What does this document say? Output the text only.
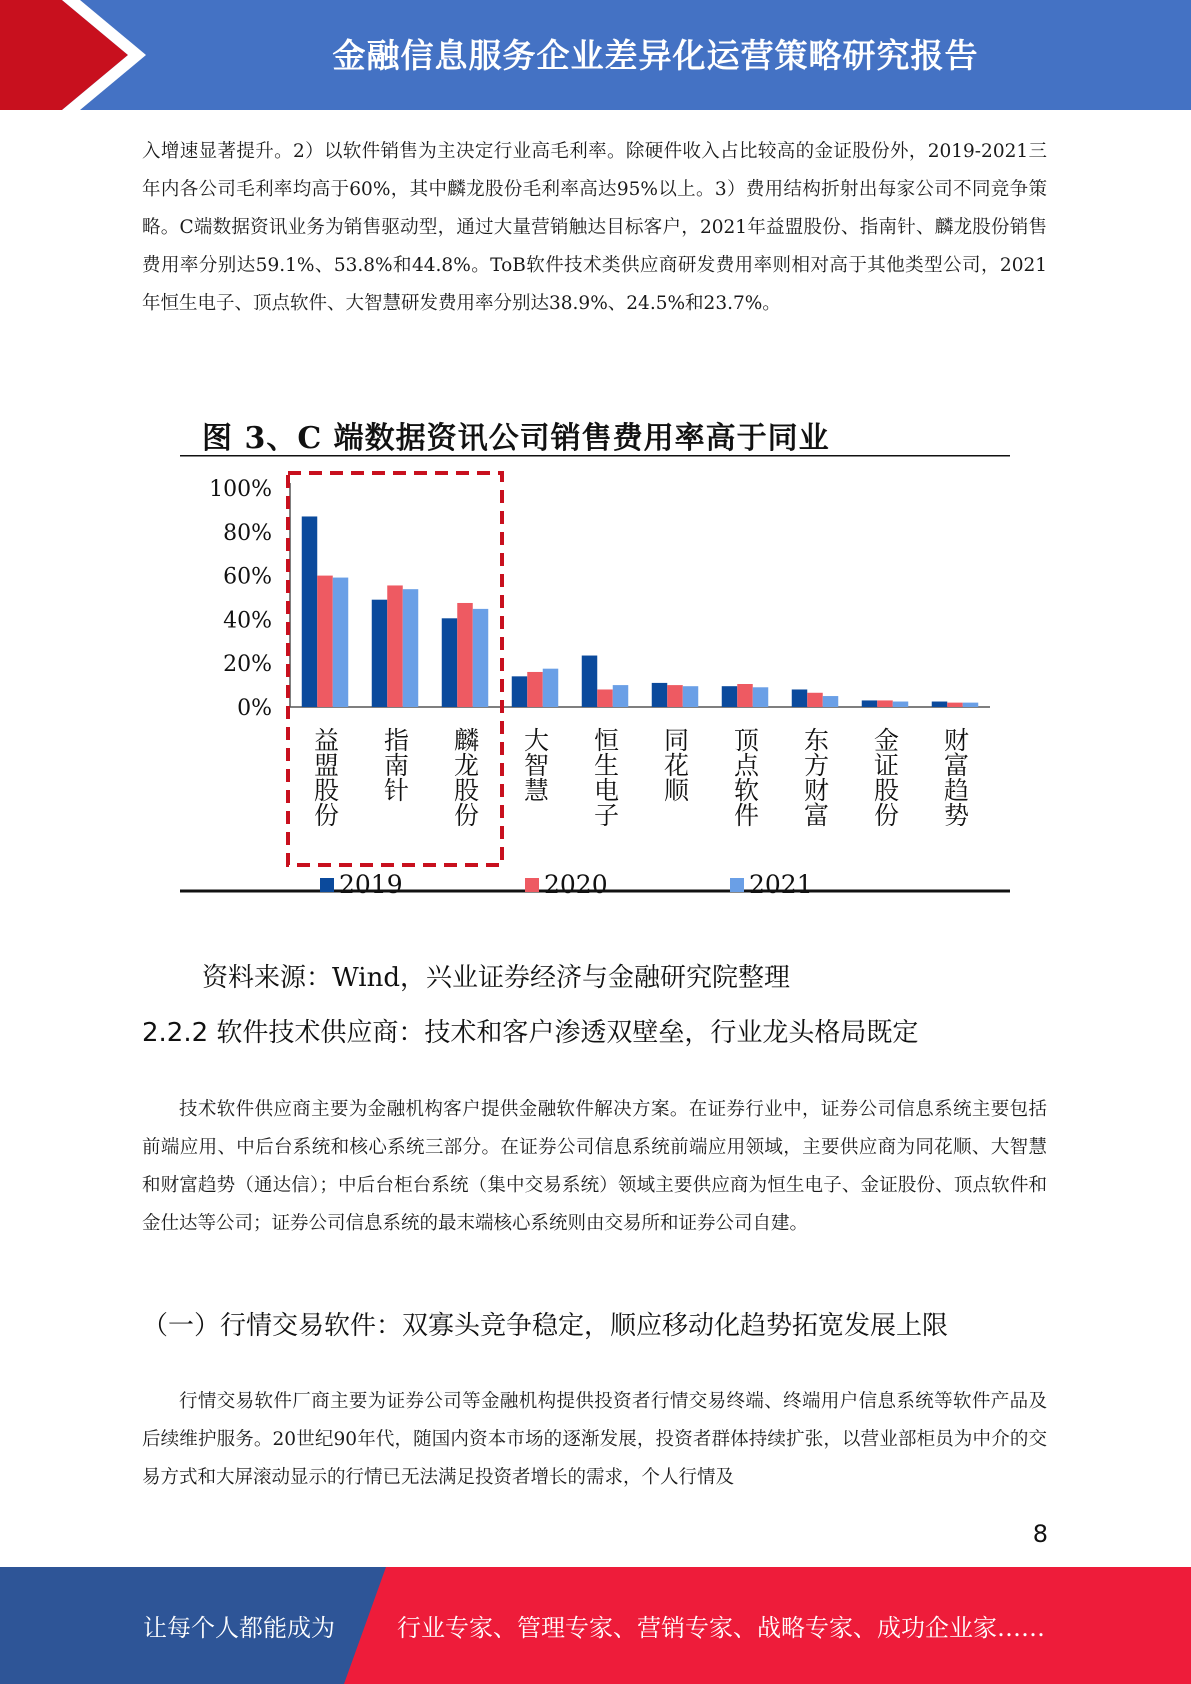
金融信息服务企业差异化运营策略研究报告

入增速显著提升。2）以软件销售为主决定行业高毛利率。除硬件收入占比较高的金证股份外，2019-2021三年内各公司毛利率均高于60%，其中麟龙股份毛利率高达95%以上。3）费用结构折射出每家公司不同竞争策略。C端数据资讯业务为销售驱动型，通过大量营销触达目标客户，2021年益盟股份、指南针、麟龙股份销售费用率分别达59.1%、53.8%和44.8%。ToB软件技术类供应商研发费用率则相对高于其他类型公司，2021年恒生电子、顶点软件、大智慧研发费用率分别达38.9%、24.5%和23.7%。

图 3、C 端数据资讯公司销售费用率高于同业
100%
80%
60%
40%
20%
0%
益盟股份 指南针 麟龙股份 大智慧 恒生电子 同花顺 顶点软件 东方财富 金证股份 财富趋势
2019	2020	2021
资料来源：Wind，兴业证券经济与金融研究院整理
2.2.2 软件技术供应商：技术和客户渗透双壁垒，行业龙头格局既定

技术软件供应商主要为金融机构客户提供金融软件解决方案。在证券行业中，证券公司信息系统主要包括前端应用、中后台系统和核心系统三部分。在证券公司信息系统前端应用领域，主要供应商为同花顺、大智慧和财富趋势（通达信）；中后台柜台系统（集中交易系统）领域主要供应商为恒生电子、金证股份、顶点软件和金仕达等公司；证券公司信息系统的最末端核心系统则由交易所和证券公司自建。

（一）行情交易软件：双寡头竞争稳定，顺应移动化趋势拓宽发展上限

行情交易软件厂商主要为证券公司等金融机构提供投资者行情交易终端、终端用户信息系统等软件产品及后续维护服务。20世纪90年代，随国内资本市场的逐渐发展，投资者群体持续扩张，以营业部柜员为中介的交易方式和大屏滚动显示的行情已无法满足投资者增长的需求，个人行情及

8
让每个人都能成为	行业专家、管理专家、营销专家、战略专家、成功企业家……
